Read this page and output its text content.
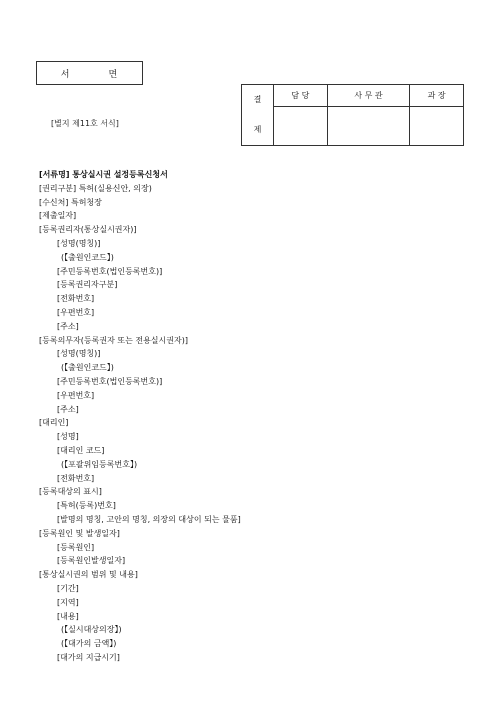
서	면
[별지 제11호 서식]
결
제	담 당	사 무 관	과 장

[서류명] 통상실시권 설정등록신청서
[권리구분] 특허(실용신안, 의장)
[수신처] 특허청장
[제출일자]
[등록권리자(통상실시권자)]
[성명(명칭)]
(【출원인코드】)
[주민등록번호(법인등록번호)]
[등록권리자구분]
[전화번호]
[우편번호]
[주소]
[등록의무자(등록권자 또는 전용실시권자)]
[성명(명칭)]
(【출원인코드】)
[주민등록번호(법인등록번호)]
[우편번호]
[주소]
[대리인]
[성명]
[대리인 코드]
(【포괄위임등록번호】)
[전화번호]
[등록대상의 표시]
[특허(등록)번호]
[발명의 명칭, 고안의 명칭, 의장의 대상이 되는 물품]
[등록원인 및 발생일자]
[등록원인]
[등록원인발생일자]
[통상실시권의 범위 및 내용]
[기간]
[지역]
[내용]
(【실시대상의장】)
(【대가의 금액】)
[대가의 지급시기]
